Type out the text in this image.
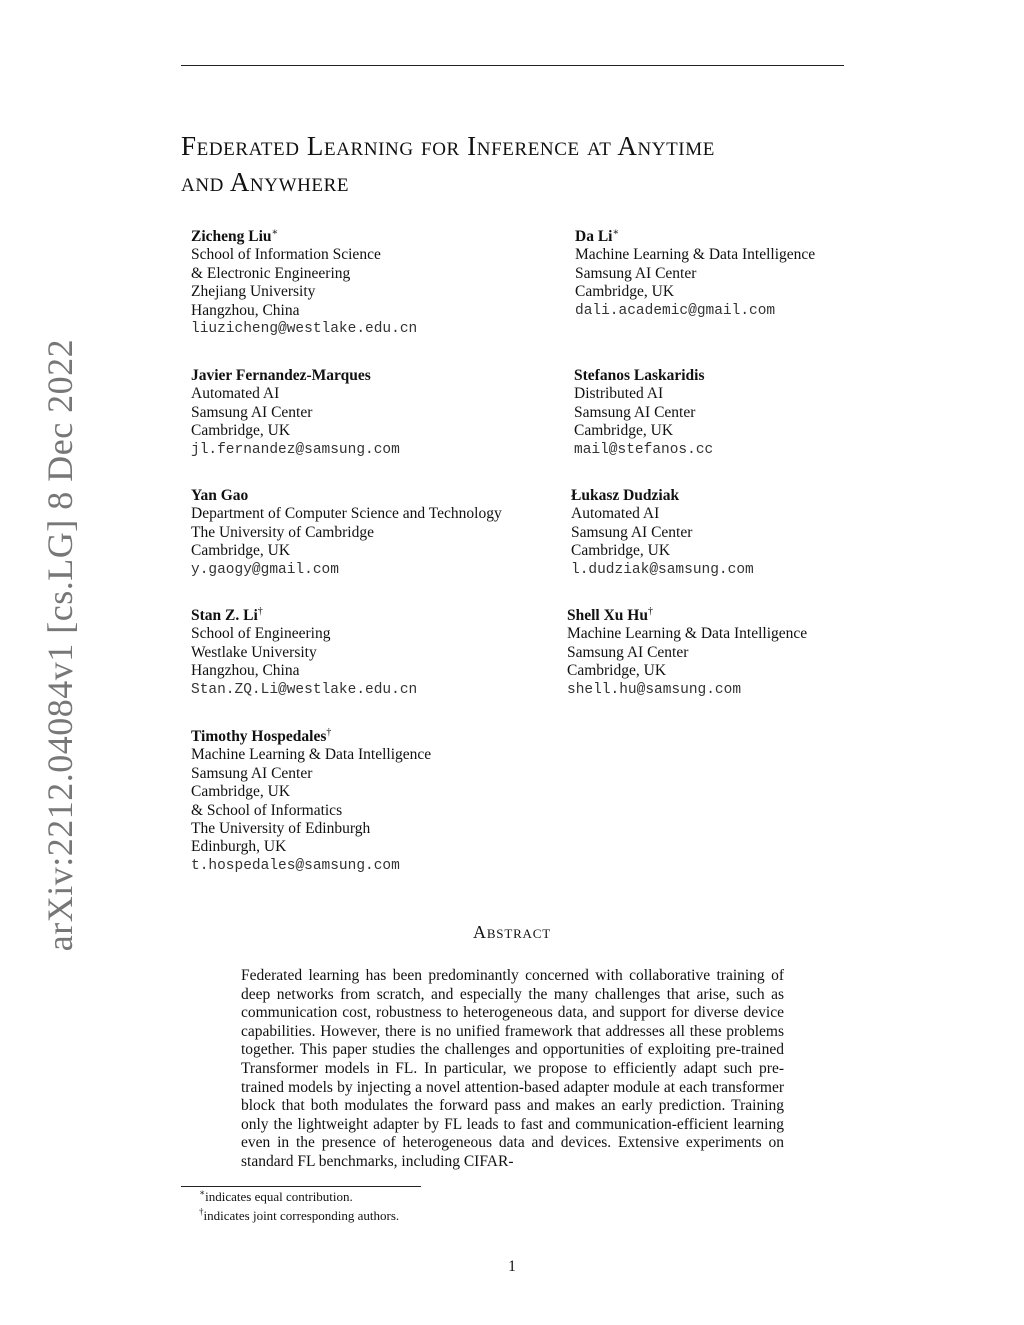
Federated Learning for Inference at Anytime
and Anywhere
arXiv:2212.04084v1 [cs.LG] 8 Dec 2022
Zicheng Liu∗
School of Information Science
& Electronic Engineering
Zhejiang University
Hangzhou, China
liuzicheng@westlake.edu.cn
Da Li∗
Machine Learning & Data Intelligence
Samsung AI Center
Cambridge, UK
dali.academic@gmail.com
Javier Fernandez-Marques
Automated AI
Samsung AI Center
Cambridge, UK
jl.fernandez@samsung.com
Stefanos Laskaridis
Distributed AI
Samsung AI Center
Cambridge, UK
mail@stefanos.cc
Yan Gao
Department of Computer Science and Technology
The University of Cambridge
Cambridge, UK
y.gaogy@gmail.com
Łukasz Dudziak
Automated AI
Samsung AI Center
Cambridge, UK
l.dudziak@samsung.com
Stan Z. Li†
School of Engineering
Westlake University
Hangzhou, China
Stan.ZQ.Li@westlake.edu.cn
Shell Xu Hu†
Machine Learning & Data Intelligence
Samsung AI Center
Cambridge, UK
shell.hu@samsung.com
Timothy Hospedales†
Machine Learning & Data Intelligence
Samsung AI Center
Cambridge, UK
& School of Informatics
The University of Edinburgh
Edinburgh, UK
t.hospedales@samsung.com
Abstract
Federated learning has been predominantly concerned with collaborative training of deep networks from scratch, and especially the many challenges that arise, such as communication cost, robustness to heterogeneous data, and support for diverse device capabilities. However, there is no unified framework that addresses all these problems together. This paper studies the challenges and opportunities of exploiting pre-trained Transformer models in FL. In particular, we propose to efficiently adapt such pre-trained models by injecting a novel attention-based adapter module at each transformer block that both modulates the forward pass and makes an early prediction. Training only the lightweight adapter by FL leads to fast and communication-efficient learning even in the presence of heterogeneous data and devices. Extensive experiments on standard FL benchmarks, including CIFAR-
∗indicates equal contribution.
†indicates joint corresponding authors.
1
